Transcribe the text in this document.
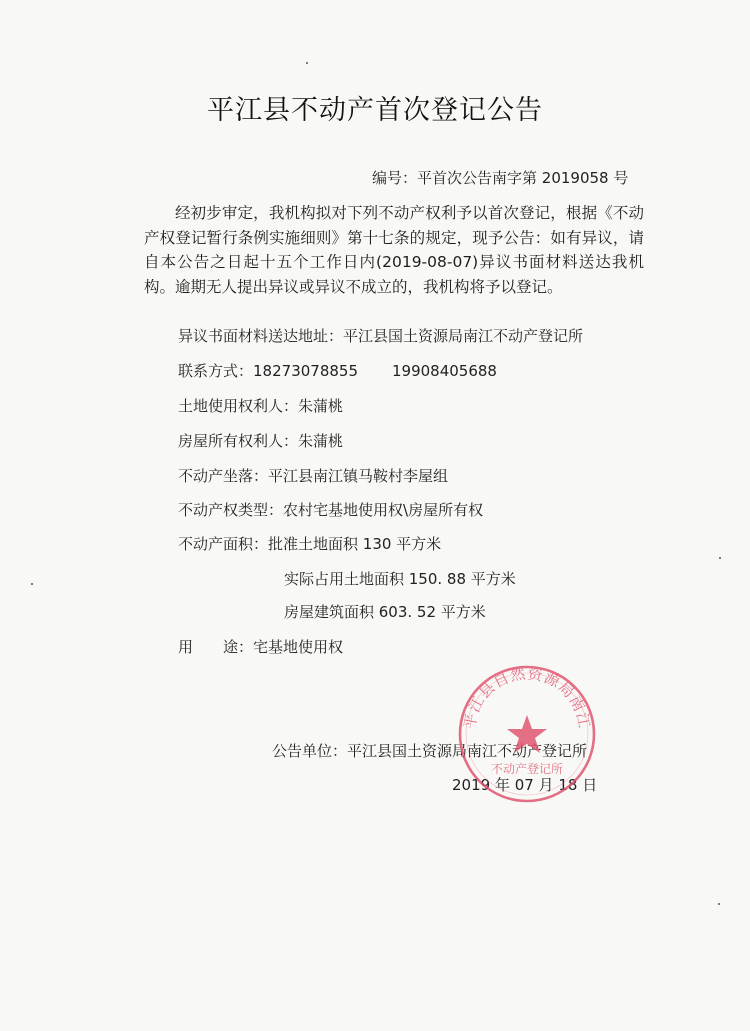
平江县不动产首次登记公告
编号：平首次公告南字第 2019058 号

经初步审定，我机构拟对下列不动产权利予以首次登记，根据《不动产权登记暂行条例实施细则》第十七条的规定，现予公告：如有异议，请自本公告之日起十五个工作日内(2019-08-07)异议书面材料送达我机构。逾期无人提出异议或异议不成立的，我机构将予以登记。

异议书面材料送达地址：平江县国土资源局南江不动产登记所
联系方式：18273078855 19908405688
土地使用权利人：朱蒲桃
房屋所有权利人：朱蒲桃
不动产坐落：平江县南江镇马鞍村李屋组
不动产权类型：农村宅基地使用权\房屋所有权
不动产面积：批准土地面积 130 平方米
实际占用土地面积 150. 88 平方米
房屋建筑面积 603. 52 平方米
用　　途：宅基地使用权
公告单位：平江县国土资源局南江不动产登记所
2019 年 07 月 18 日
平江县自然资源局南江
不动产登记所
